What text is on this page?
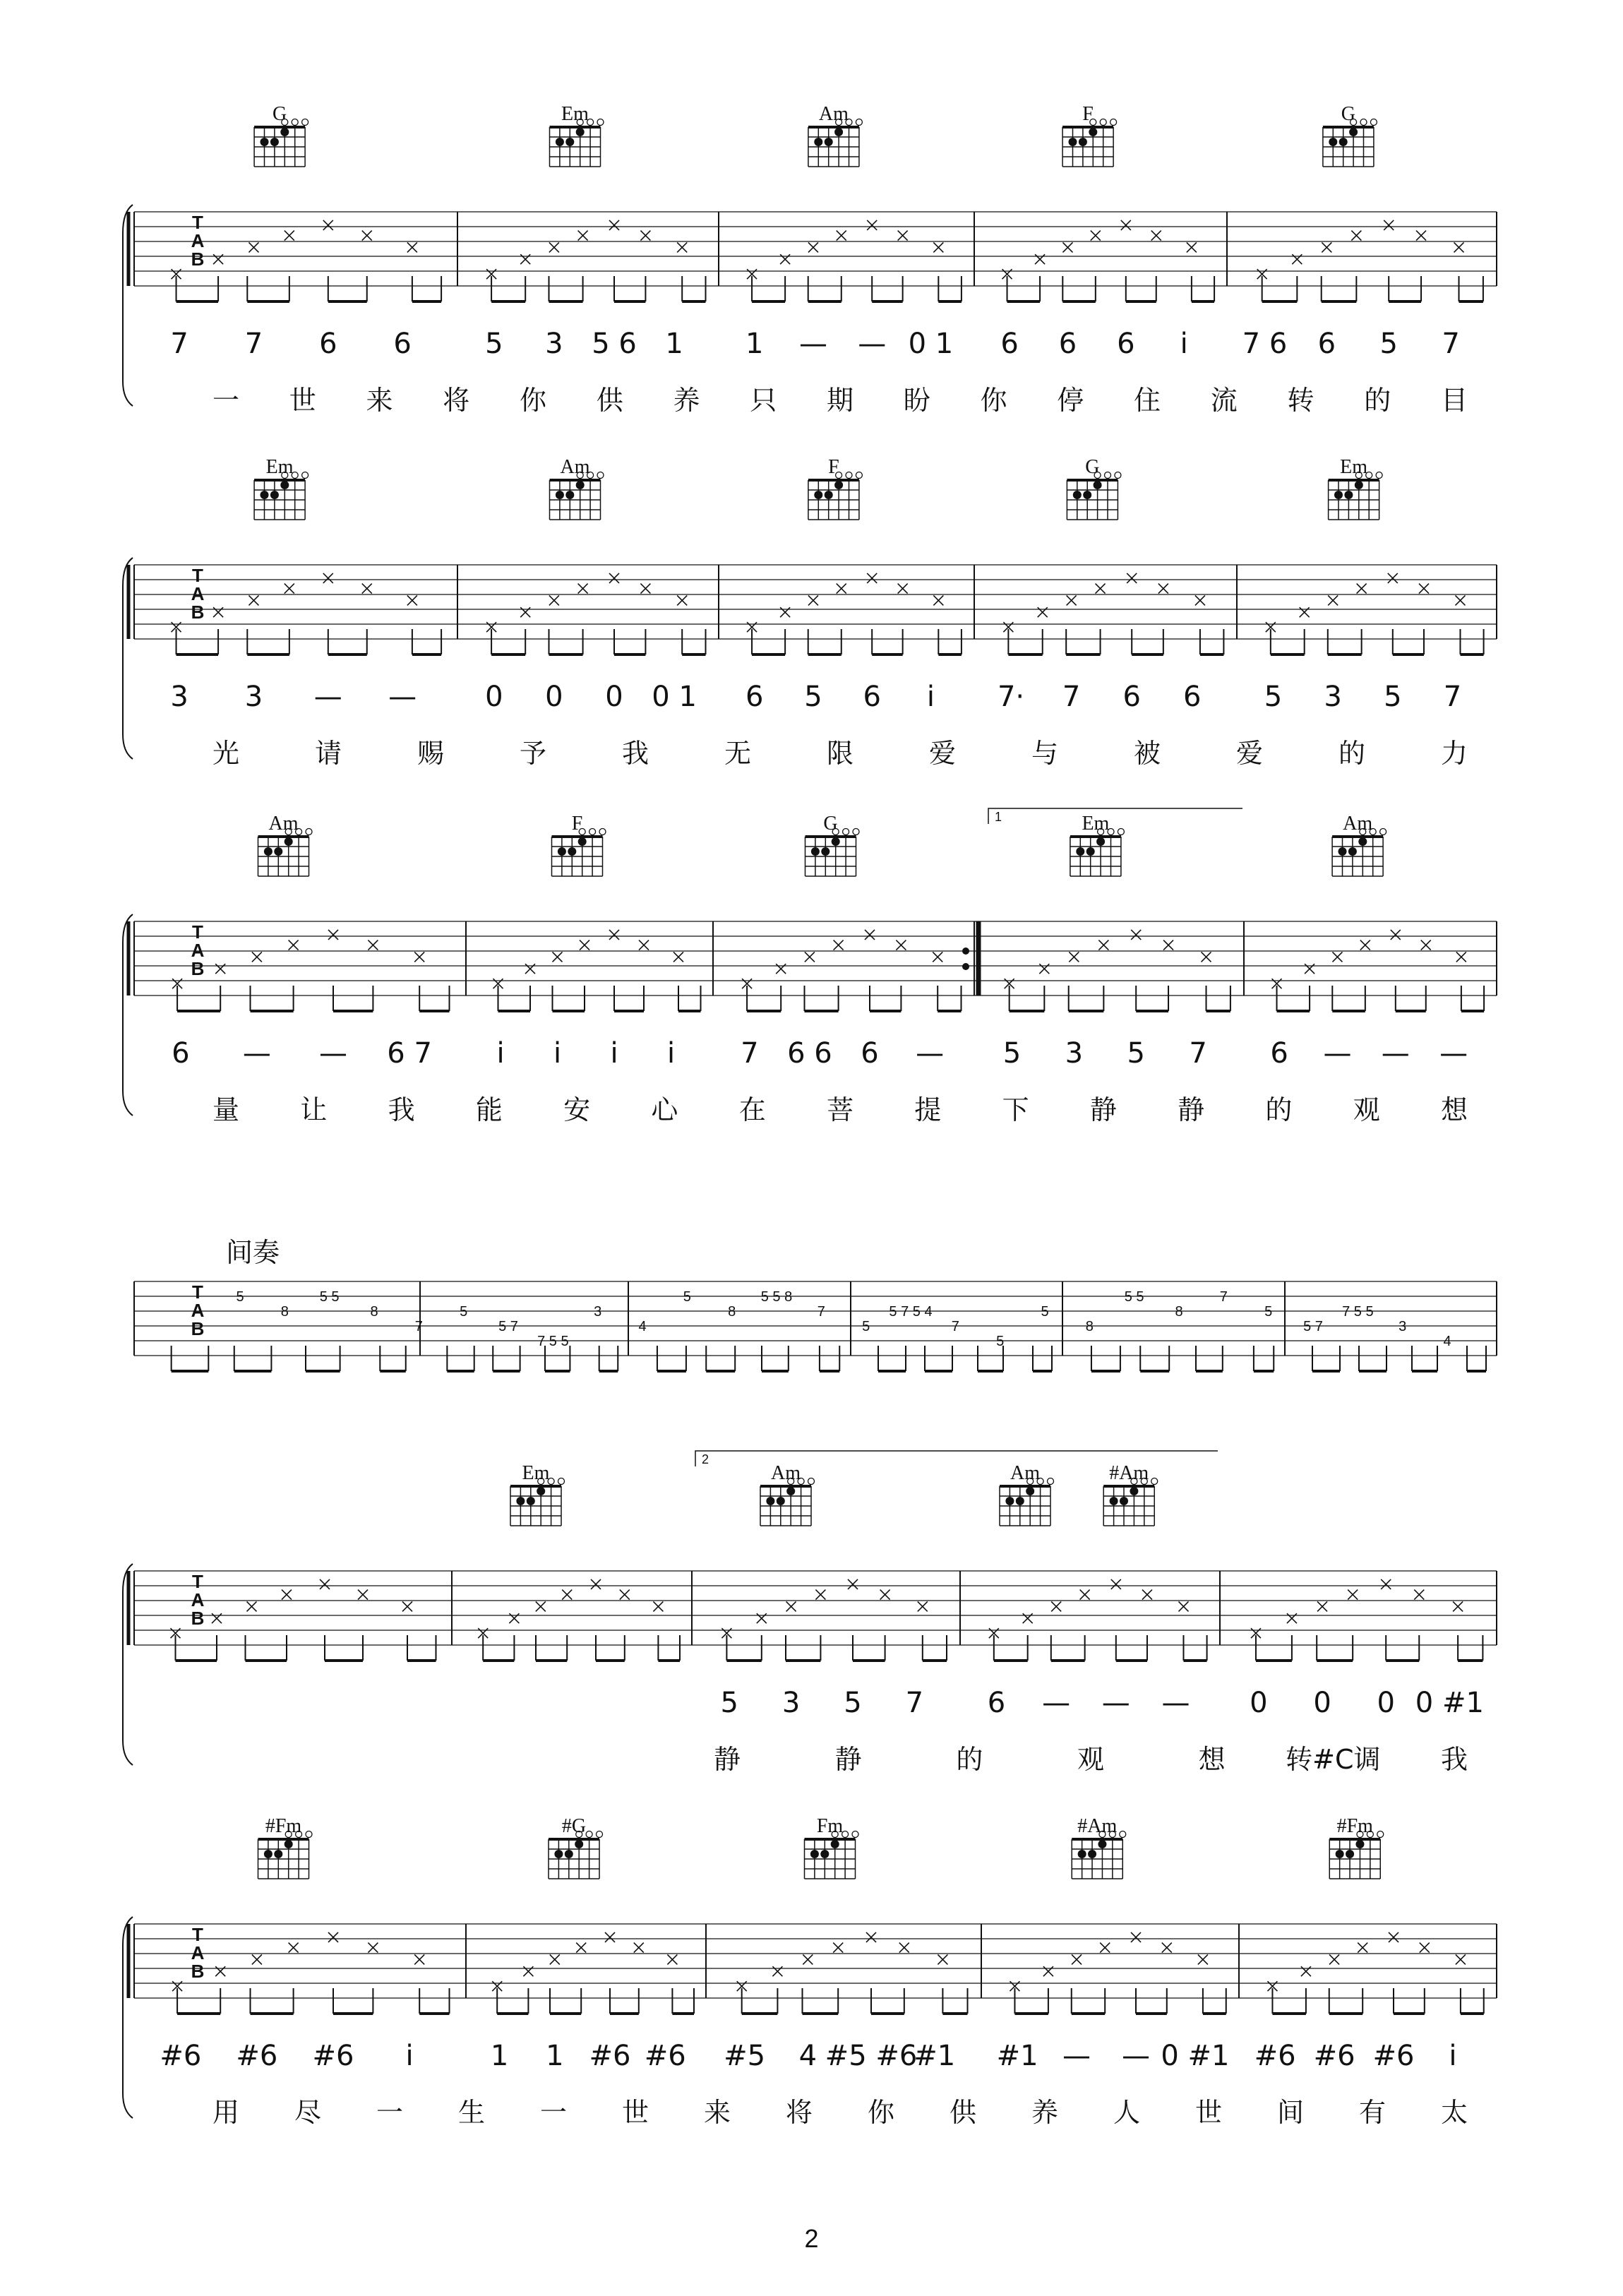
T
A
B
G	Em	Am	F	G
7 7 6 6	5 3 5 6 1 1 — — 0 1 6 6 6 i 7 6 6 5 7
一 世 来 将 你 供 养 只 期 盼 你 停 住 流 转 的 目
T
A
B
Em	Am	F	G	Em
3 3 — — 0 0 0 0 1 6 5 6 i 7· 7 6 6 5 3 5 7
光	请	赐	予	我	无	限	爱	与	被	爱	的	力
T
A
B
Am	F	G	Em	Am
1
6 — — 6 7 i i i i 7 6 6 6 — 5 3 5 7 6 — — —
量 让 我 能 安 心 在 菩 提 下 静 静 的 观 想
T
A
B
间奏
5
8
5 5
8
7
5
5 7
7 5 5
3
4
5
8
5 5 8
7
5
5 7 5 4
7
5
5
8
5 5
8
7
5
5 7
7 5 5
3
4
T
A
B
Em	Am	Am	#Am
2
5 3 5 7 6 — — — 0 0 0 0 #1
静	静	的	观	想 转#C调 我
T
A
B
#Fm	#G	Fm	#Am	#Fm
#6 #6 #6 i	1 1 #6 #6 #5 4 #5 #6
#1 #1 — — 0 #1 #6 #6 #6 i
用 尽 一 生 一 世 来 将 你 供 养 人 世 间 有 太
2
